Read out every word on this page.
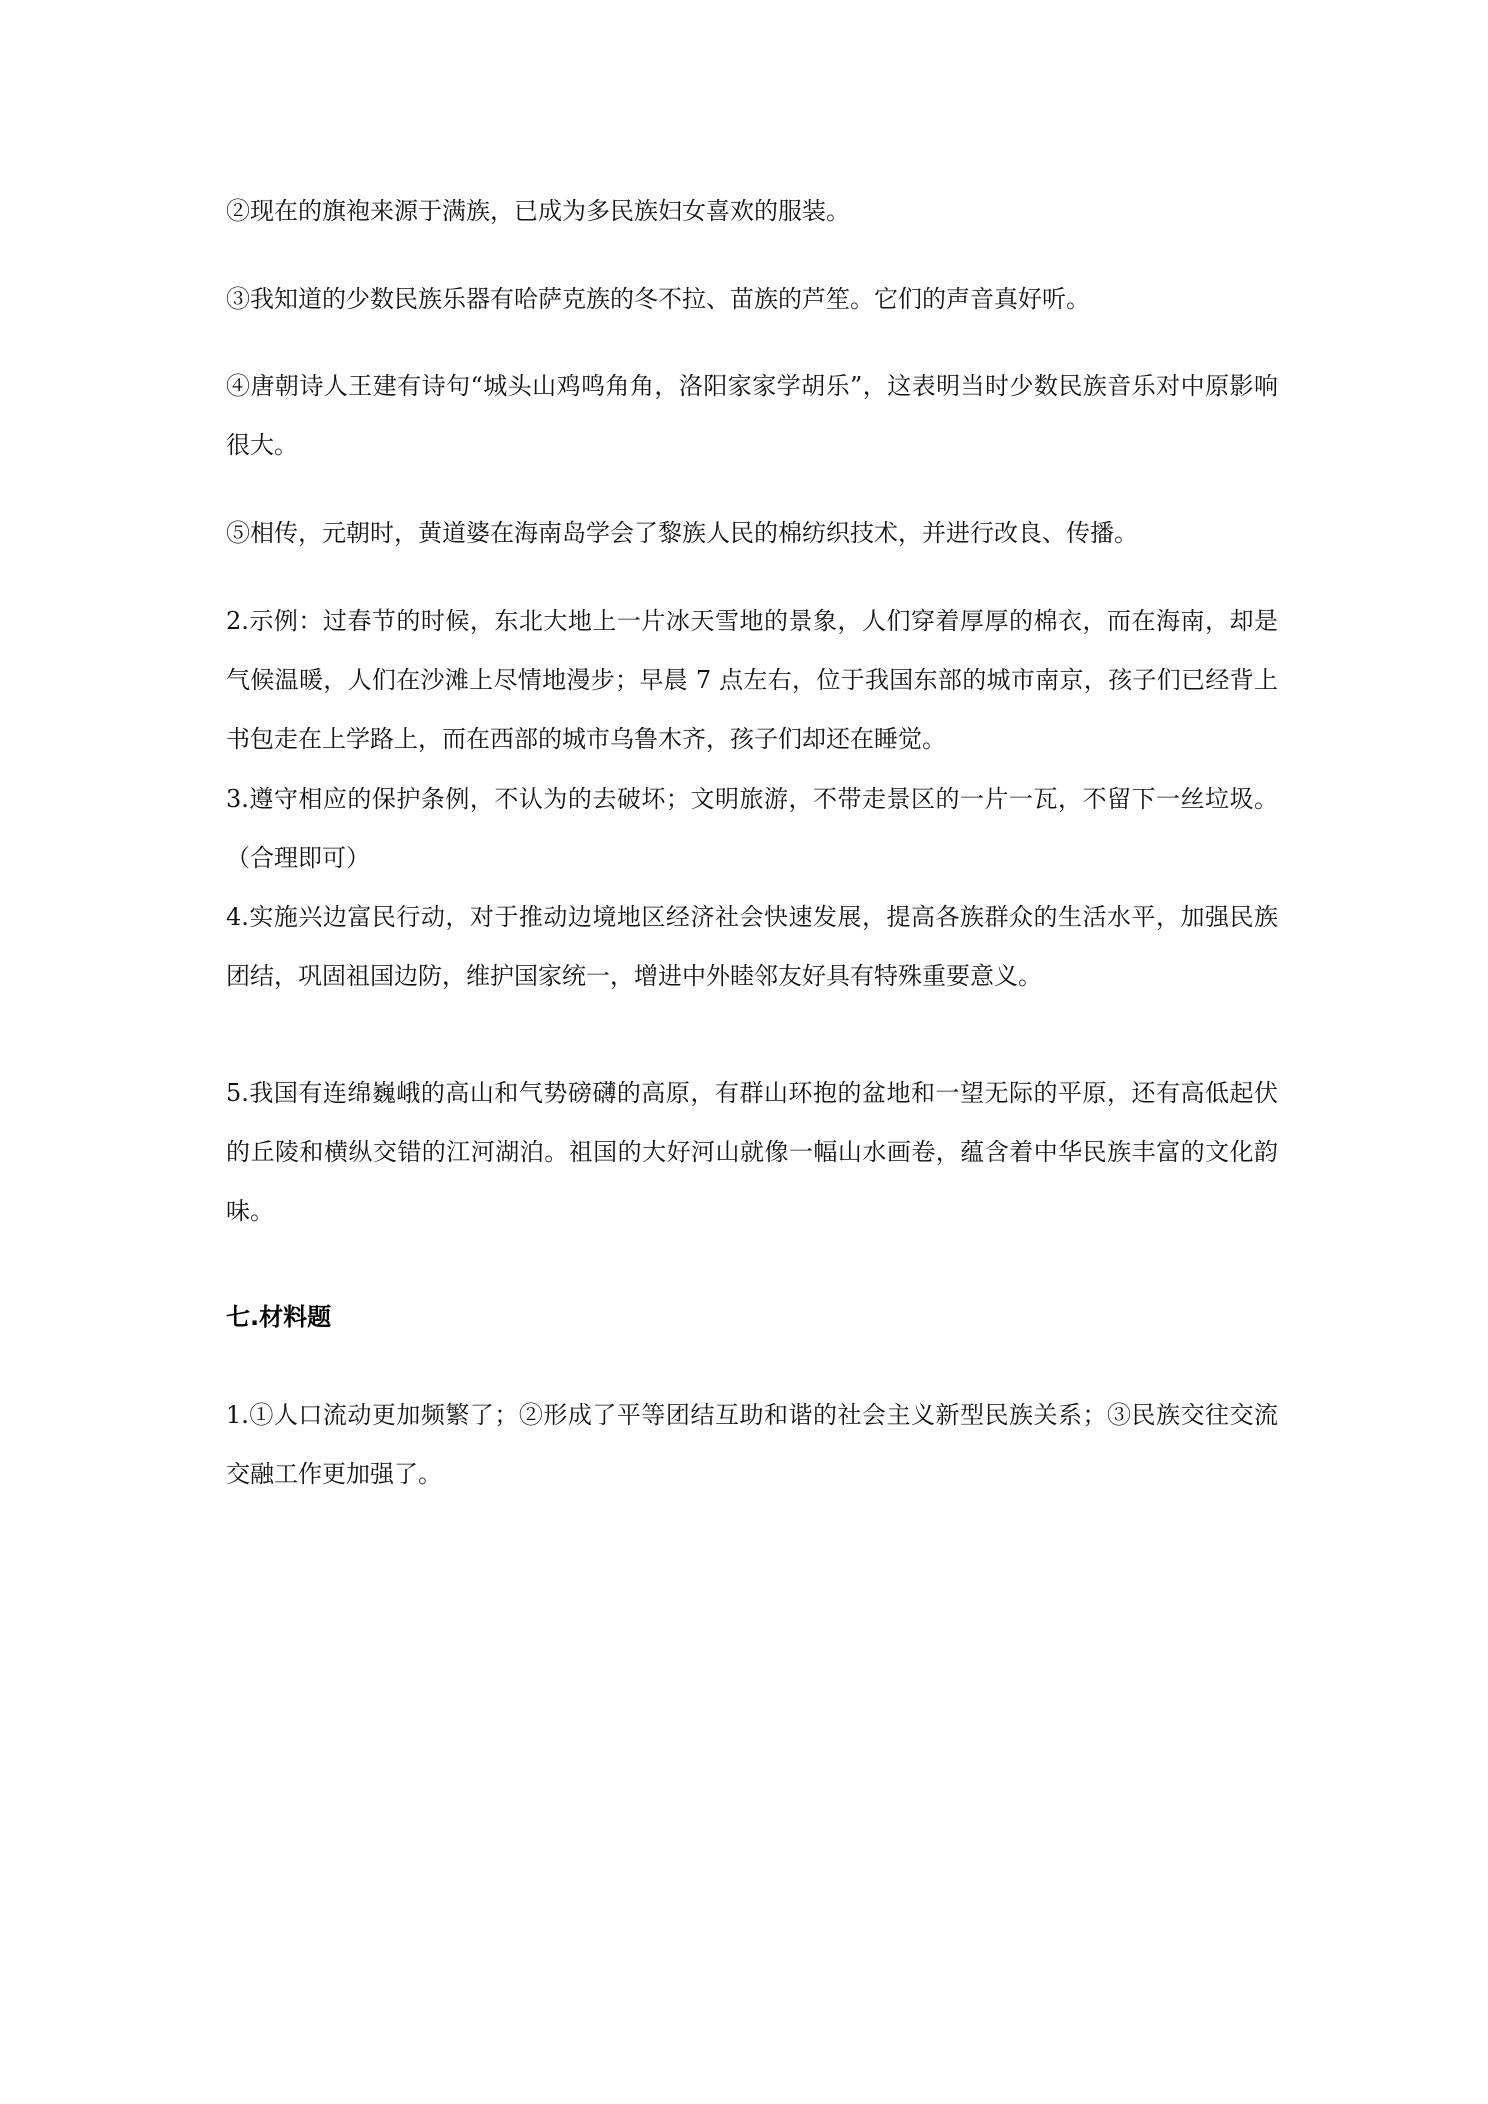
②现在的旗袍来源于满族，已成为多民族妇女喜欢的服装。

③我知道的少数民族乐器有哈萨克族的冬不拉、苗族的芦笙。它们的声音真好听。

④唐朝诗人王建有诗句“城头山鸡鸣角角，洛阳家家学胡乐”，这表明当时少数民族音乐对中原影响很大。

⑤相传，元朝时，黄道婆在海南岛学会了黎族人民的棉纺织技术，并进行改良、传播。

2.示例：过春节的时候，东北大地上一片冰天雪地的景象，人们穿着厚厚的棉衣，而在海南，却是气候温暖，人们在沙滩上尽情地漫步；早晨 7 点左右，位于我国东部的城市南京，孩子们已经背上书包走在上学路上，而在西部的城市乌鲁木齐，孩子们却还在睡觉。

3.遵守相应的保护条例，不认为的去破坏；文明旅游，不带走景区的一片一瓦，不留下一丝垃圾。（合理即可）

4.实施兴边富民行动，对于推动边境地区经济社会快速发展，提高各族群众的生活水平，加强民族团结，巩固祖国边防，维护国家统一，增进中外睦邻友好具有特殊重要意义。

5.我国有连绵巍峨的高山和气势磅礴的高原，有群山环抱的盆地和一望无际的平原，还有高低起伏的丘陵和横纵交错的江河湖泊。祖国的大好河山就像一幅山水画卷，蕴含着中华民族丰富的文化韵味。

七.材料题

1.①人口流动更加频繁了；②形成了平等团结互助和谐的社会主义新型民族关系；③民族交往交流交融工作更加强了。
